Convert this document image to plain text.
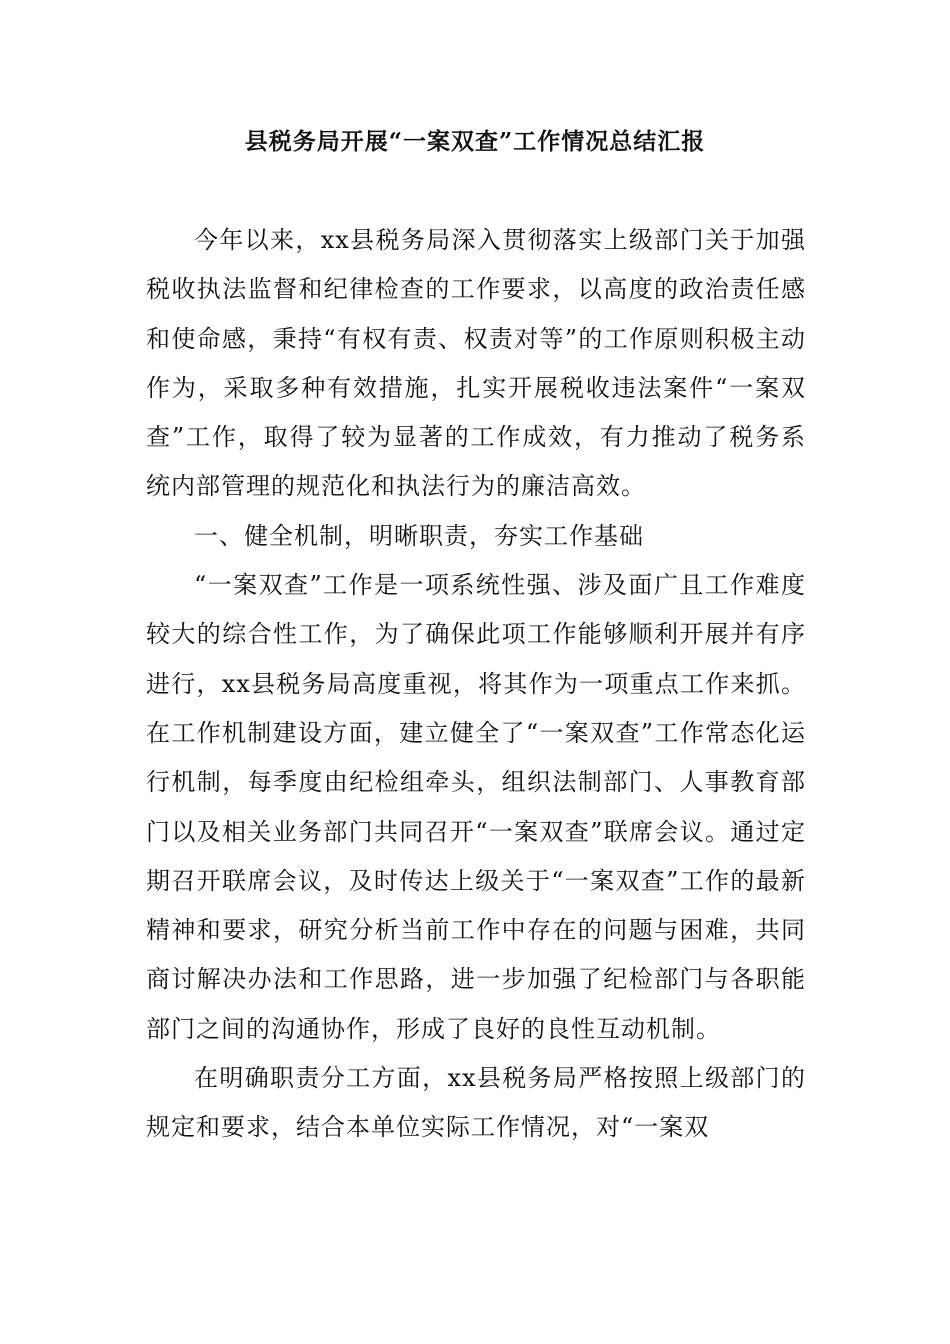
县税务局开展“一案双查”工作情况总结汇报

今年以来，xx县税务局深入贯彻落实上级部门关于加强税收执法监督和纪律检查的工作要求，以高度的政治责任感和使命感，秉持“有权有责、权责对等”的工作原则积极主动作为，采取多种有效措施，扎实开展税收违法案件“一案双查”工作，取得了较为显著的工作成效，有力推动了税务系统内部管理的规范化和执法行为的廉洁高效。

一、健全机制，明晰职责，夯实工作基础

“一案双查”工作是一项系统性强、涉及面广且工作难度较大的综合性工作，为了确保此项工作能够顺利开展并有序进行，xx县税务局高度重视，将其作为一项重点工作来抓。在工作机制建设方面，建立健全了“一案双查”工作常态化运行机制，每季度由纪检组牵头，组织法制部门、人事教育部门以及相关业务部门共同召开“一案双查”联席会议。通过定期召开联席会议，及时传达上级关于“一案双查”工作的最新精神和要求，研究分析当前工作中存在的问题与困难，共同商讨解决办法和工作思路，进一步加强了纪检部门与各职能部门之间的沟通协作，形成了良好的良性互动机制。

在明确职责分工方面，xx县税务局严格按照上级部门的规定和要求，结合本单位实际工作情况，对“一案双
